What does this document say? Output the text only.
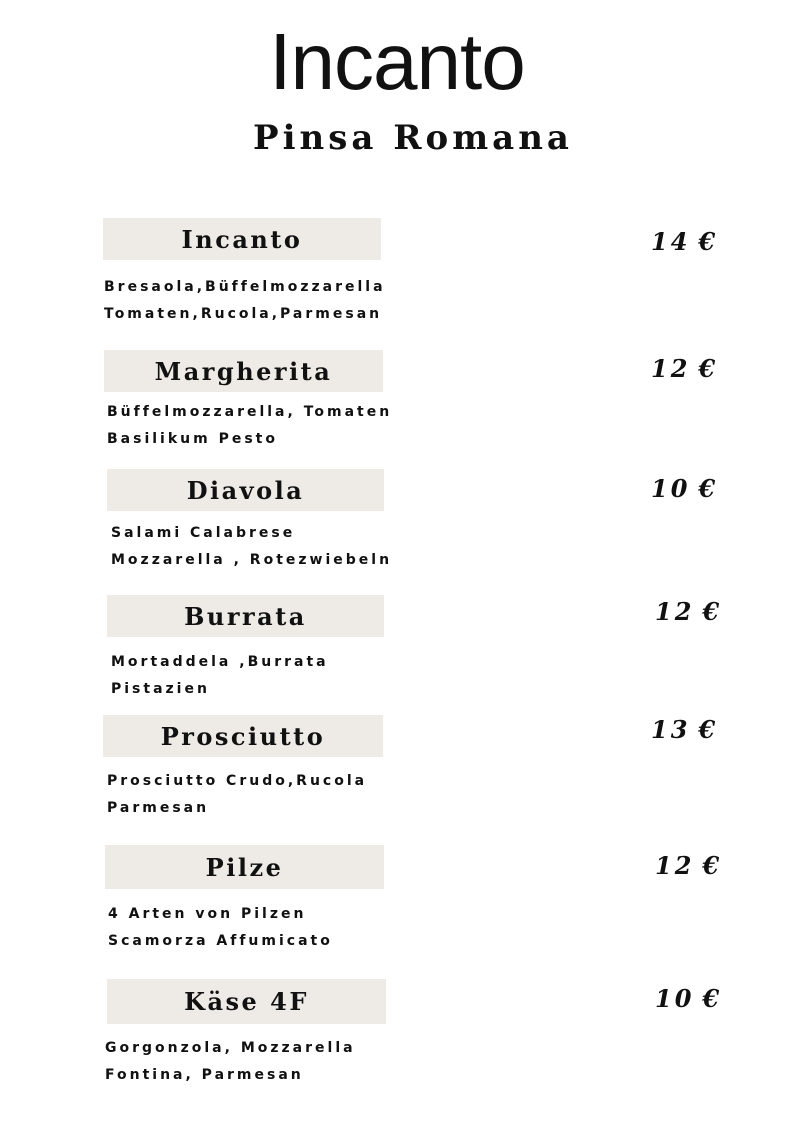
Incanto
Pinsa Romana
Incanto
Bresaola,Büffelmozzarella
Tomaten,Rucola,Parmesan
14 €
Margherita
Büffelmozzarella, Tomaten
Basilikum Pesto
12 €
Diavola
Salami Calabrese
Mozzarella , Rotezwiebeln
10 €
Burrata
Mortaddela ,Burrata
Pistazien
12 €
Prosciutto
Prosciutto Crudo,Rucola
Parmesan
13 €
Pilze
4 Arten von Pilzen
Scamorza Affumicato
12 €
Käse 4F
Gorgonzola, Mozzarella
Fontina, Parmesan
10 €
